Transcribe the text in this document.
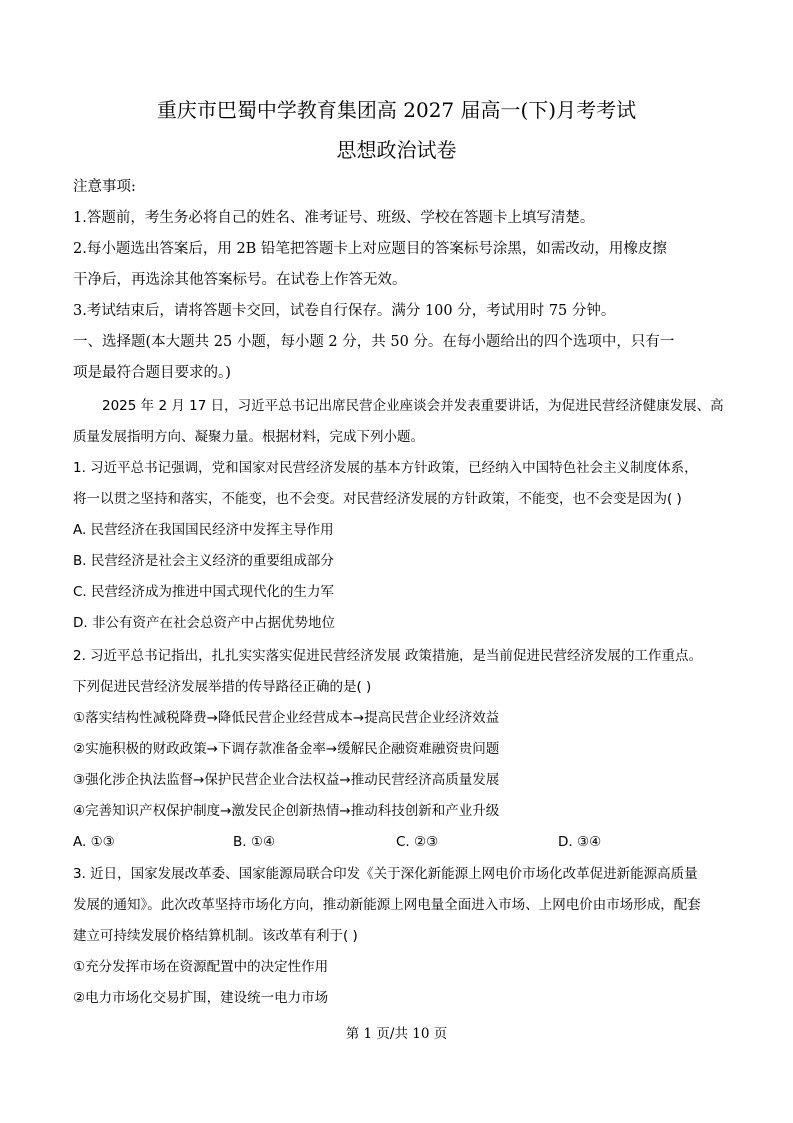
重庆市巴蜀中学教育集团高 2027 届高一(下)月考考试
思想政治试卷
注意事项:
1.答题前，考生务必将自己的姓名、准考证号、班级、学校在答题卡上填写清楚。
2.每小题选出答案后，用 2B 铅笔把答题卡上对应题目的答案标号涂黑，如需改动，用橡皮擦
干净后，再选涂其他答案标号。在试卷上作答无效。
3.考试结束后，请将答题卡交回，试卷自行保存。满分 100 分，考试用时 75 分钟。
一、选择题(本大题共 25 小题，每小题 2 分，共 50 分。在每小题给出的四个选项中，只有一
项是最符合题目要求的。)
2025 年 2 月 17 日，习近平总书记出席民营企业座谈会并发表重要讲话，为促进民营经济健康发展、高
质量发展指明方向、凝聚力量。根据材料，完成下列小题。
1. 习近平总书记强调，党和国家对民营经济发展的基本方针政策，已经纳入中国特色社会主义制度体系，
将一以贯之坚持和落实，不能变，也不会变。对民营经济发展的方针政策，不能变，也不会变是因为( )
A. 民营经济在我国国民经济中发挥主导作用
B. 民营经济是社会主义经济的重要组成部分
C. 民营经济成为推进中国式现代化的生力军
D. 非公有资产在社会总资产中占据优势地位
2. 习近平总书记指出，扎扎实实落实促进民营经济发展 政策措施，是当前促进民营经济发展的工作重点。
下列促进民营经济发展举措的传导路径正确的是( )
①落实结构性减税降费→降低民营企业经营成本→提高民营企业经济效益
②实施积极的财政政策→下调存款准备金率→缓解民企融资难融资贵问题
③强化涉企执法监督→保护民营企业合法权益→推动民营经济高质量发展
④完善知识产权保护制度→激发民企创新热情→推动科技创新和产业升级
A. ①③	B. ①④	C. ②③	D. ③④
3. 近日，国家发展改革委、国家能源局联合印发《关于深化新能源上网电价市场化改革促进新能源高质量
发展的通知》。此次改革坚持市场化方向，推动新能源上网电量全面进入市场、上网电价由市场形成，配套
建立可持续发展价格结算机制。该改革有利于( )
①充分发挥市场在资源配置中的决定性作用
②电力市场化交易扩围，建设统一电力市场
第 1 页/共 10 页
